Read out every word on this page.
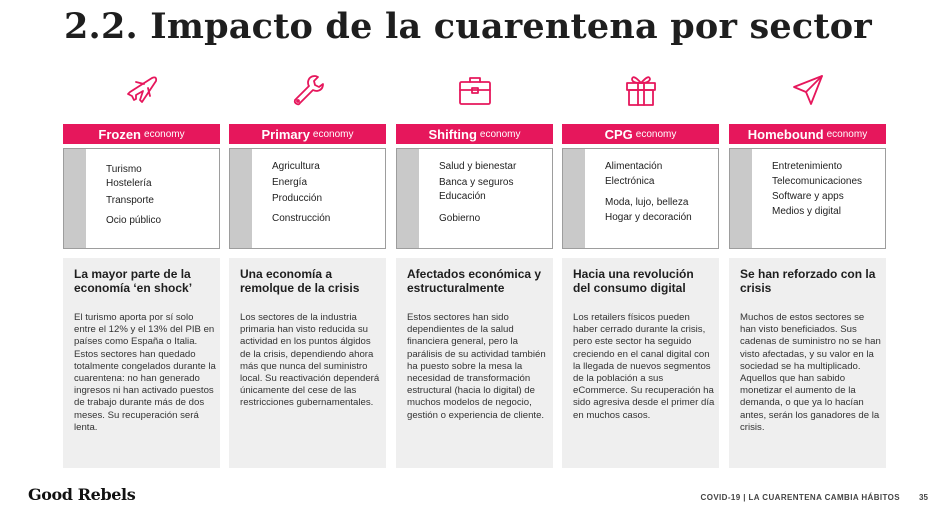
2.2. Impacto de la cuarentena por sector
Frozen economy
Turismo
Hostelería
Transporte
Ocio público
La mayor parte de la economía ‘en shock’

El turismo aporta por sí solo entre el 12% y el 13% del PIB en países como España o Italia. Estos sectores han quedado totalmente congelados durante la cuarentena: no han generado ingresos ni han activado puestos de trabajo durante más de dos meses. Su recuperación será lenta.

Primary economy
Agricultura
Energía
Producción
Construcción
Una economía a remolque de la crisis

Los sectores de la industria primaria han visto reducida su actividad en los puntos álgidos de la crisis, dependiendo ahora más que nunca del suministro local. Su reactivación dependerá únicamente del cese de las restricciones gubernamentales.

Shifting economy
Salud y bienestar
Banca y seguros
Educación
Gobierno
Afectados económica y estructuralmente

Estos sectores han sido dependientes de la salud financiera general, pero la parálisis de su actividad también ha puesto sobre la mesa la necesidad de transformación estructural (hacia lo digital) de muchos modelos de negocio, gestión o experiencia de cliente.

CPG economy
Alimentación
Electrónica
Moda, lujo, belleza
Hogar y decoración
Hacia una revolución del consumo digital

Los retailers físicos pueden haber cerrado durante la crisis, pero este sector ha seguido creciendo en el canal digital con la llegada de nuevos segmentos de la población a sus eCommerce. Su recuperación ha sido agresiva desde el primer día en muchos casos.

Homebound economy
Entretenimiento
Telecomunicaciones
Software y apps
Medios y digital
Se han reforzado con la crisis

Muchos de estos sectores se han visto beneficiados. Sus cadenas de suministro no se han visto afectadas, y su valor en la sociedad se ha multiplicado. Aquellos que han sabido monetizar el aumento de la demanda, o que ya lo hacían antes, serán los ganadores de la crisis.

Good Rebels	COVID-19 | LA CUARENTENA CAMBIA HÁBITOS 35
